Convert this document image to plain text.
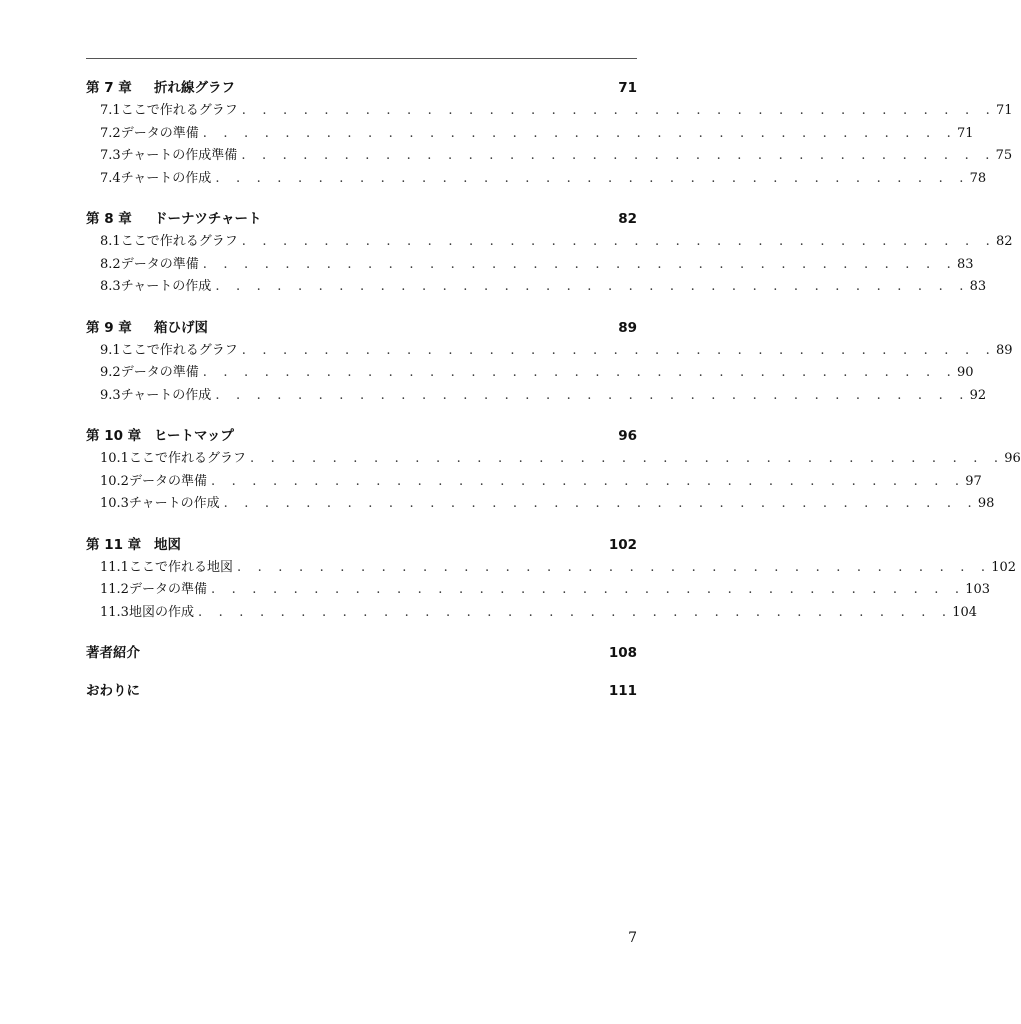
第 7 章	折れ線グラフ	71
7.1 ここで作れるグラフ . . . . . . . . . . . . . . . . . . . . . . . . . . . . . . . . . . . . . 71
7.2 データの準備 . . . . . . . . . . . . . . . . . . . . . . . . . . . . . . . . . . . . . 71
7.3 チャートの作成準備 . . . . . . . . . . . . . . . . . . . . . . . . . . . . . . . . . . . . . 75
7.4 チャートの作成 . . . . . . . . . . . . . . . . . . . . . . . . . . . . . . . . . . . . . 78
第 8 章	ドーナツチャート	82
8.1 ここで作れるグラフ . . . . . . . . . . . . . . . . . . . . . . . . . . . . . . . . . . . . . 82
8.2 データの準備 . . . . . . . . . . . . . . . . . . . . . . . . . . . . . . . . . . . . . 83
8.3 チャートの作成 . . . . . . . . . . . . . . . . . . . . . . . . . . . . . . . . . . . . . 83
第 9 章	箱ひげ図	89
9.1 ここで作れるグラフ . . . . . . . . . . . . . . . . . . . . . . . . . . . . . . . . . . . . . 89
9.2 データの準備 . . . . . . . . . . . . . . . . . . . . . . . . . . . . . . . . . . . . . 90
9.3 チャートの作成 . . . . . . . . . . . . . . . . . . . . . . . . . . . . . . . . . . . . . 92
第 10 章 ヒートマップ	96
10.1 ここで作れるグラフ . . . . . . . . . . . . . . . . . . . . . . . . . . . . . . . . . . . . . 96
10.2 データの準備 . . . . . . . . . . . . . . . . . . . . . . . . . . . . . . . . . . . . . 97
10.3 チャートの作成 . . . . . . . . . . . . . . . . . . . . . . . . . . . . . . . . . . . . . 98
第 11 章 地図	102
11.1 ここで作れる地図 . . . . . . . . . . . . . . . . . . . . . . . . . . . . . . . . . . . . . 102
11.2 データの準備 . . . . . . . . . . . . . . . . . . . . . . . . . . . . . . . . . . . . . 103
11.3 地図の作成 . . . . . . . . . . . . . . . . . . . . . . . . . . . . . . . . . . . . . 104
著者紹介	108
おわりに	111
7
